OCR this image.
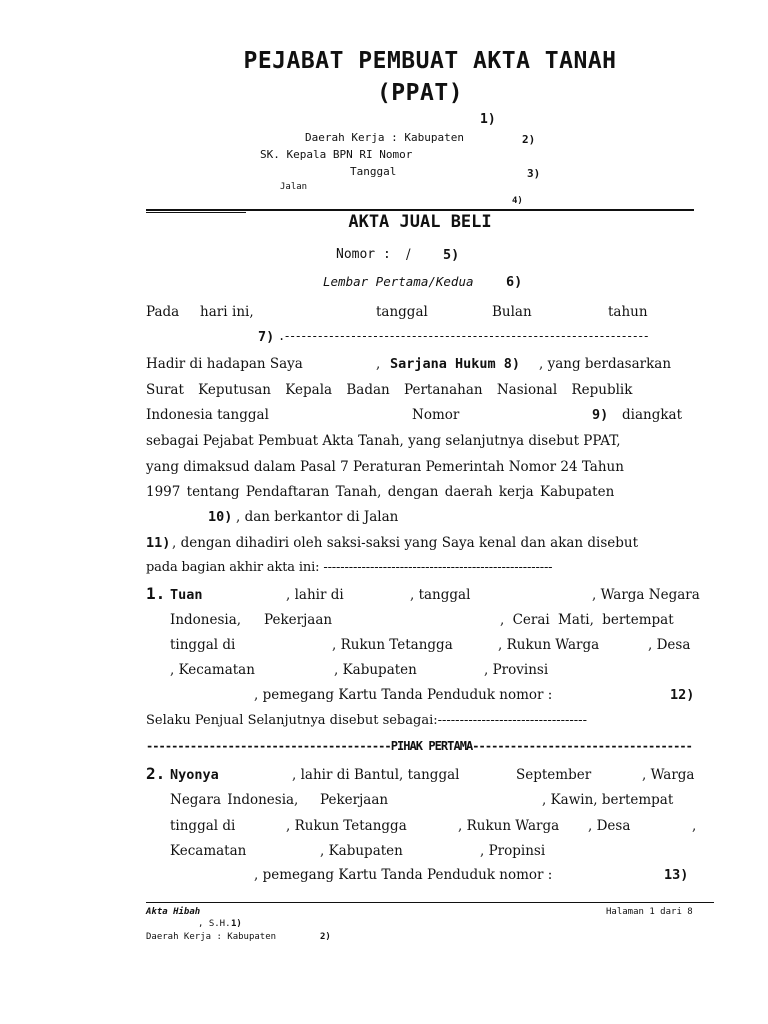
PEJABAT PEMBUAT AKTA TANAH
(PPAT)
1)
Daerah Kerja : Kabupaten	2)
SK. Kepala BPN RI Nomor
Tanggal	3)
Jalan
4)
AKTA JUAL BELI
Nomor : / 5)
Lembar Pertama/Kedua 6)
Pada hari ini,	tanggal	Bulan	tahun
7) .------------------------------------------------------------------
Hadir di hadapan Saya	, Sarjana Hukum 8) , yang berdasarkan
Surat Keputusan Kepala Badan Pertanahan Nasional Republik
Indonesia tanggal	Nomor	9) diangkat
sebagai Pejabat Pembuat Akta Tanah, yang selanjutnya disebut PPAT,
yang dimaksud dalam Pasal 7 Peraturan Pemerintah Nomor 24 Tahun
1997 tentang Pendaftaran Tanah, dengan daerah kerja Kabupaten
10) , dan berkantor di Jalan
11) , dengan dihadiri oleh saksi-saksi yang Saya kenal dan akan disebut
pada bagian akhir akta ini: ------------------------------------------------------
1. Tuan	, lahir di	, tanggal	, Warga Negara
Indonesia, Pekerjaan	, Cerai Mati, bertempat
tinggal di	, Rukun Tetangga	, Rukun Warga	, Desa
, Kecamatan	, Kabupaten	, Provinsi
, pemegang Kartu Tanda Penduduk nomor :	12)
Selaku Penjual Selanjutnya disebut sebagai:----------------------------------
---------------------------------------PIHAK PERTAMA-----------------------------------
2. Nyonya	, lahir di Bantul, tanggal	September	, Warga
Negara Indonesia, Pekerjaan	, Kawin, bertempat
tinggal di	, Rukun Tetangga	, Rukun Warga , Desa	,
Kecamatan	, Kabupaten	, Propinsi
, pemegang Kartu Tanda Penduduk nomor :	13)
Akta Hibah	Halaman 1 dari 8
, S.H. 1)
Daerah Kerja : Kabupaten	2)
